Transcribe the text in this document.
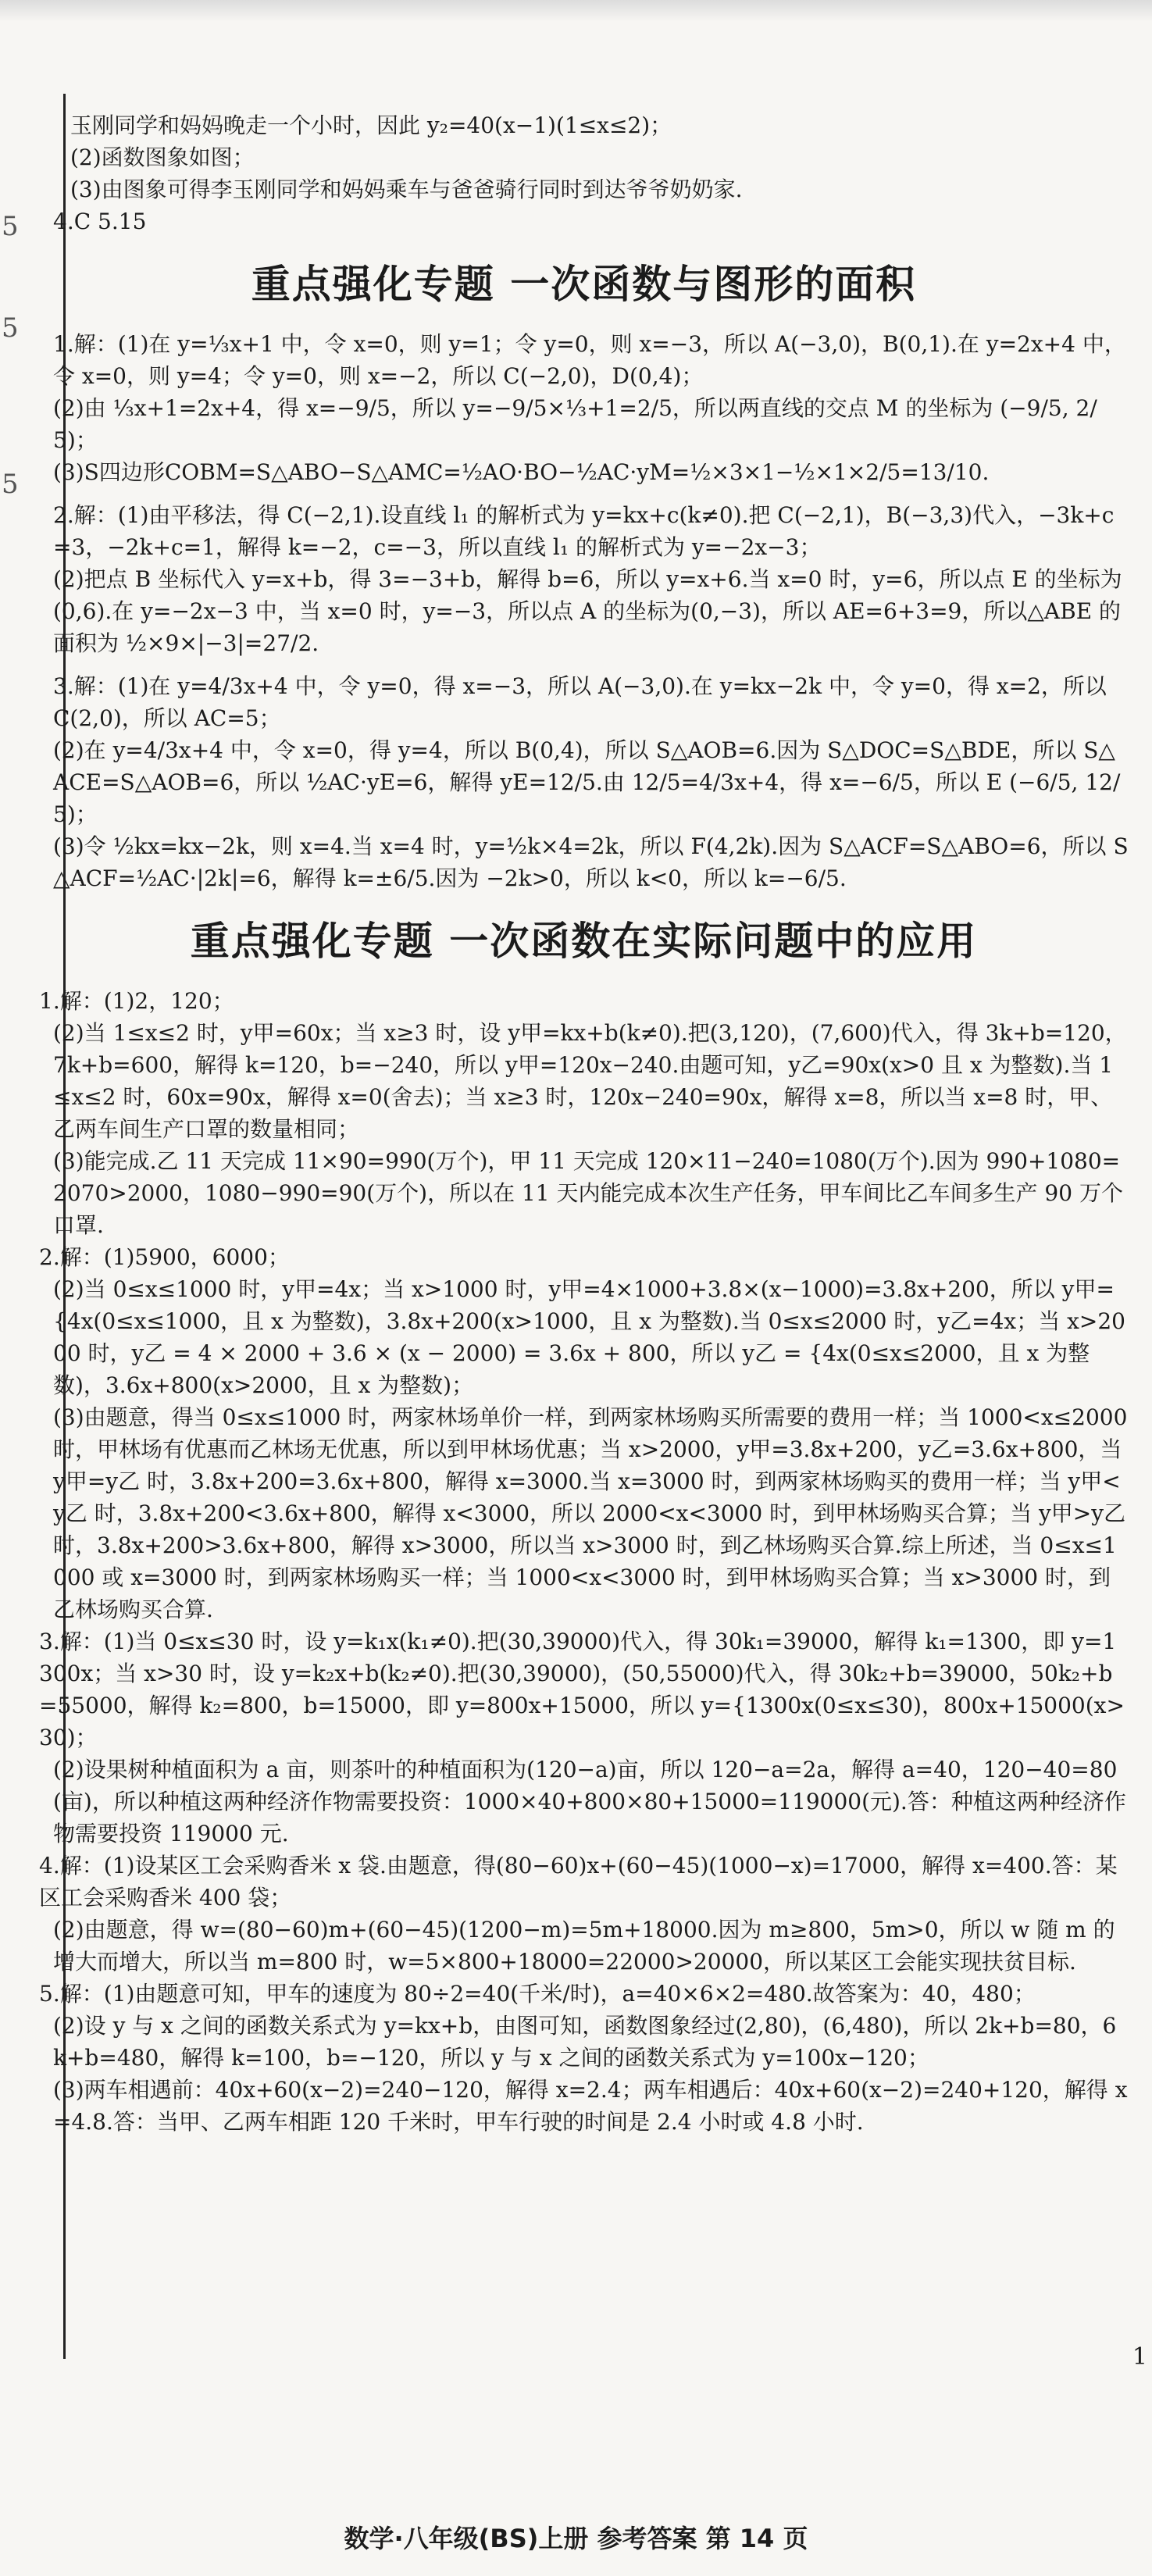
5
5
5

玉刚同学和妈妈晚走一个小时，因此 y₂=40(x−1)(1≤x≤2)；

(2)函数图象如图；

(3)由图象可得李玉刚同学和妈妈乘车与爸爸骑行同时到达爷爷奶奶家.

4.C 5.15

重点强化专题 一次函数与图形的面积

1.解：(1)在 y=⅓x+1 中，令 x=0，则 y=1；令 y=0，则 x=−3，所以 A(−3,0)，B(0,1).在 y=2x+4 中，令 x=0，则 y=4；令 y=0，则 x=−2，所以 C(−2,0)，D(0,4)；

(2)由 ⅓x+1=2x+4，得 x=−9/5，所以 y=−9/5×⅓+1=2/5，所以两直线的交点 M 的坐标为 (−9/5, 2/5)；

(3)S四边形COBM=S△ABO−S△AMC=½AO·BO−½AC·yM=½×3×1−½×1×2/5=13/10.

2.解：(1)由平移法，得 C(−2,1).设直线 l₁ 的解析式为 y=kx+c(k≠0).把 C(−2,1)，B(−3,3)代入，−3k+c=3，−2k+c=1，解得 k=−2，c=−3，所以直线 l₁ 的解析式为 y=−2x−3；

(2)把点 B 坐标代入 y=x+b，得 3=−3+b，解得 b=6，所以 y=x+6.当 x=0 时，y=6，所以点 E 的坐标为(0,6).在 y=−2x−3 中，当 x=0 时，y=−3，所以点 A 的坐标为(0,−3)，所以 AE=6+3=9，所以△ABE 的面积为 ½×9×|−3|=27/2.

3.解：(1)在 y=4/3x+4 中，令 y=0，得 x=−3，所以 A(−3,0).在 y=kx−2k 中，令 y=0，得 x=2，所以 C(2,0)，所以 AC=5；

(2)在 y=4/3x+4 中，令 x=0，得 y=4，所以 B(0,4)，所以 S△AOB=6.因为 S△DOC=S△BDE，所以 S△ACE=S△AOB=6，所以 ½AC·yE=6，解得 yE=12/5.由 12/5=4/3x+4，得 x=−6/5，所以 E (−6/5, 12/5)；

(3)令 ½kx=kx−2k，则 x=4.当 x=4 时，y=½k×4=2k，所以 F(4,2k).因为 S△ACF=S△ABO=6，所以 S△ACF=½AC·|2k|=6，解得 k=±6/5.因为 −2k>0，所以 k<0，所以 k=−6/5.

重点强化专题 一次函数在实际问题中的应用

1.解：(1)2，120；

(2)当 1≤x≤2 时，y甲=60x；当 x≥3 时，设 y甲=kx+b(k≠0).把(3,120)，(7,600)代入，得 3k+b=120，7k+b=600，解得 k=120，b=−240，所以 y甲=120x−240.由题可知，y乙=90x(x>0 且 x 为整数).当 1≤x≤2 时，60x=90x，解得 x=0(舍去)；当 x≥3 时，120x−240=90x，解得 x=8，所以当 x=8 时，甲、乙两车间生产口罩的数量相同；

(3)能完成.乙 11 天完成 11×90=990(万个)，甲 11 天完成 120×11−240=1080(万个).因为 990+1080=2070>2000，1080−990=90(万个)，所以在 11 天内能完成本次生产任务，甲车间比乙车间多生产 90 万个口罩.

2.解：(1)5900，6000；

(2)当 0≤x≤1000 时，y甲=4x；当 x>1000 时，y甲=4×1000+3.8×(x−1000)=3.8x+200，所以 y甲={4x(0≤x≤1000，且 x 为整数)，3.8x+200(x>1000，且 x 为整数).当 0≤x≤2000 时，y乙=4x；当 x>2000 时，y乙 = 4 × 2000 + 3.6 × (x − 2000) = 3.6x + 800，所以 y乙 = {4x(0≤x≤2000，且 x 为整数)，3.6x+800(x>2000，且 x 为整数)；

(3)由题意，得当 0≤x≤1000 时，两家林场单价一样，到两家林场购买所需要的费用一样；当 1000<x≤2000 时，甲林场有优惠而乙林场无优惠，所以到甲林场优惠；当 x>2000，y甲=3.8x+200，y乙=3.6x+800，当 y甲=y乙 时，3.8x+200=3.6x+800，解得 x=3000.当 x=3000 时，到两家林场购买的费用一样；当 y甲<y乙 时，3.8x+200<3.6x+800，解得 x<3000，所以 2000<x<3000 时，到甲林场购买合算；当 y甲>y乙 时，3.8x+200>3.6x+800，解得 x>3000，所以当 x>3000 时，到乙林场购买合算.综上所述，当 0≤x≤1000 或 x=3000 时，到两家林场购买一样；当 1000<x<3000 时，到甲林场购买合算；当 x>3000 时，到乙林场购买合算.

3.解：(1)当 0≤x≤30 时，设 y=k₁x(k₁≠0).把(30,39000)代入，得 30k₁=39000，解得 k₁=1300，即 y=1300x；当 x>30 时，设 y=k₂x+b(k₂≠0).把(30,39000)，(50,55000)代入，得 30k₂+b=39000，50k₂+b=55000，解得 k₂=800，b=15000，即 y=800x+15000，所以 y={1300x(0≤x≤30)，800x+15000(x>30)；

(2)设果树种植面积为 a 亩，则茶叶的种植面积为(120−a)亩，所以 120−a=2a，解得 a=40，120−40=80(亩)，所以种植这两种经济作物需要投资：1000×40+800×80+15000=119000(元).答：种植这两种经济作物需要投资 119000 元.

4.解：(1)设某区工会采购香米 x 袋.由题意，得(80−60)x+(60−45)(1000−x)=17000，解得 x=400.答：某区工会采购香米 400 袋；

(2)由题意，得 w=(80−60)m+(60−45)(1200−m)=5m+18000.因为 m≥800，5m>0，所以 w 随 m 的增大而增大，所以当 m=800 时，w=5×800+18000=22000>20000，所以某区工会能实现扶贫目标.

5.解：(1)由题意可知，甲车的速度为 80÷2=40(千米/时)，a=40×6×2=480.故答案为：40，480；

(2)设 y 与 x 之间的函数关系式为 y=kx+b，由图可知，函数图象经过(2,80)，(6,480)，所以 2k+b=80，6k+b=480，解得 k=100，b=−120，所以 y 与 x 之间的函数关系式为 y=100x−120；

(3)两车相遇前：40x+60(x−2)=240−120，解得 x=2.4；两车相遇后：40x+60(x−2)=240+120，解得 x=4.8.答：当甲、乙两车相距 120 千米时，甲车行驶的时间是 2.4 小时或 4.8 小时.

1
数学·八年级(BS)上册 参考答案 第 14 页
